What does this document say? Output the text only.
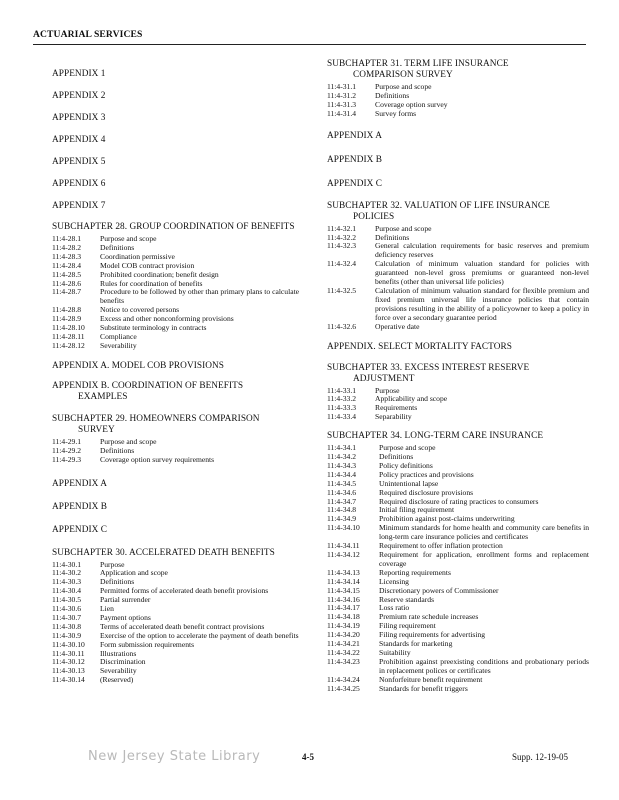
ACTUARIAL SERVICES
APPENDIX 1
APPENDIX 2
APPENDIX 3
APPENDIX 4
APPENDIX 5
APPENDIX 6
APPENDIX 7
SUBCHAPTER 28. GROUP COORDINATION OF BENEFITS
11:4-28.1	Purpose and scope
11:4-28.2	Definitions
11:4-28.3	Coordination permissive
11:4-28.4	Model COB contract provision
11:4-28.5	Prohibited coordination; benefit design
11:4-28.6	Rules for coordination of benefits
11:4-28.7	Procedure to be followed by other than primary plans to calculate benefits
11:4-28.8	Notice to covered persons
11:4-28.9	Excess and other nonconforming provisions
11:4-28.10	Substitute terminology in contracts
11:4-28.11	Compliance
11:4-28.12	Severability
APPENDIX A. MODEL COB PROVISIONS
APPENDIX B. COORDINATION OF BENEFITS
EXAMPLES
SUBCHAPTER 29. HOMEOWNERS COMPARISON
SURVEY
11:4-29.1	Purpose and scope
11:4-29.2	Definitions
11:4-29.3	Coverage option survey requirements
APPENDIX A
APPENDIX B
APPENDIX C
SUBCHAPTER 30. ACCELERATED DEATH BENEFITS
11:4-30.1	Purpose
11:4-30.2	Application and scope
11:4-30.3	Definitions
11:4-30.4	Permitted forms of accelerated death benefit provisions
11:4-30.5	Partial surrender
11:4-30.6	Lien
11:4-30.7	Payment options
11:4-30.8	Terms of accelerated death benefit contract provisions
11:4-30.9	Exercise of the option to accelerate the payment of death benefits
11:4-30.10	Form submission requirements
11:4-30.11	Illustrations
11:4-30.12	Discrimination
11:4-30.13	Severability
11:4-30.14	(Reserved)
SUBCHAPTER 31. TERM LIFE INSURANCE
COMPARISON SURVEY
11:4-31.1	Purpose and scope
11:4-31.2	Definitions
11:4-31.3	Coverage option survey
11:4-31.4	Survey forms
APPENDIX A
APPENDIX B
APPENDIX C
SUBCHAPTER 32. VALUATION OF LIFE INSURANCE
POLICIES
11:4-32.1	Purpose and scope
11:4-32.2	Definitions
11:4-32.3	General calculation requirements for basic reserves and premium deficiency reserves
11:4-32.4	Calculation of minimum valuation standard for policies with guaranteed non-level gross premiums or guaranteed non-level benefits (other than universal life policies)
11:4-32.5	Calculation of minimum valuation standard for flexible premium and fixed premium universal life insurance policies that contain provisions resulting in the ability of a policyowner to keep a policy in force over a secondary guarantee period
11:4-32.6	Operative date
APPENDIX. SELECT MORTALITY FACTORS
SUBCHAPTER 33. EXCESS INTEREST RESERVE
ADJUSTMENT
11:4-33.1	Purpose
11:4-33.2	Applicability and scope
11:4-33.3	Requirements
11:4-33.4	Separability
SUBCHAPTER 34. LONG-TERM CARE INSURANCE
11:4-34.1	Purpose and scope
11:4-34.2	Definitions
11:4-34.3	Policy definitions
11:4-34.4	Policy practices and provisions
11:4-34.5	Unintentional lapse
11:4-34.6	Required disclosure provisions
11:4-34.7	Required disclosure of rating practices to consumers
11:4-34.8	Initial filing requirement
11:4-34.9	Prohibition against post-claims underwriting
11:4-34.10	Minimum standards for home health and community care benefits in long-term care insurance policies and certificates
11:4-34.11	Requirement to offer inflation protection
11:4-34.12	Requirement for application, enrollment forms and replacement coverage
11:4-34.13	Reporting requirements
11:4-34.14	Licensing
11:4-34.15	Discretionary powers of Commissioner
11:4-34.16	Reserve standards
11:4-34.17	Loss ratio
11:4-34.18	Premium rate schedule increases
11:4-34.19	Filing requirement
11:4-34.20	Filing requirements for advertising
11:4-34.21	Standards for marketing
11:4-34.22	Suitability
11:4-34.23	Prohibition against preexisting conditions and probationary periods in replacement polices or certificates
11:4-34.24	Nonforfeiture benefit requirement
11:4-34.25	Standards for benefit triggers
New Jersey State Library	4-5	Supp. 12-19-05
